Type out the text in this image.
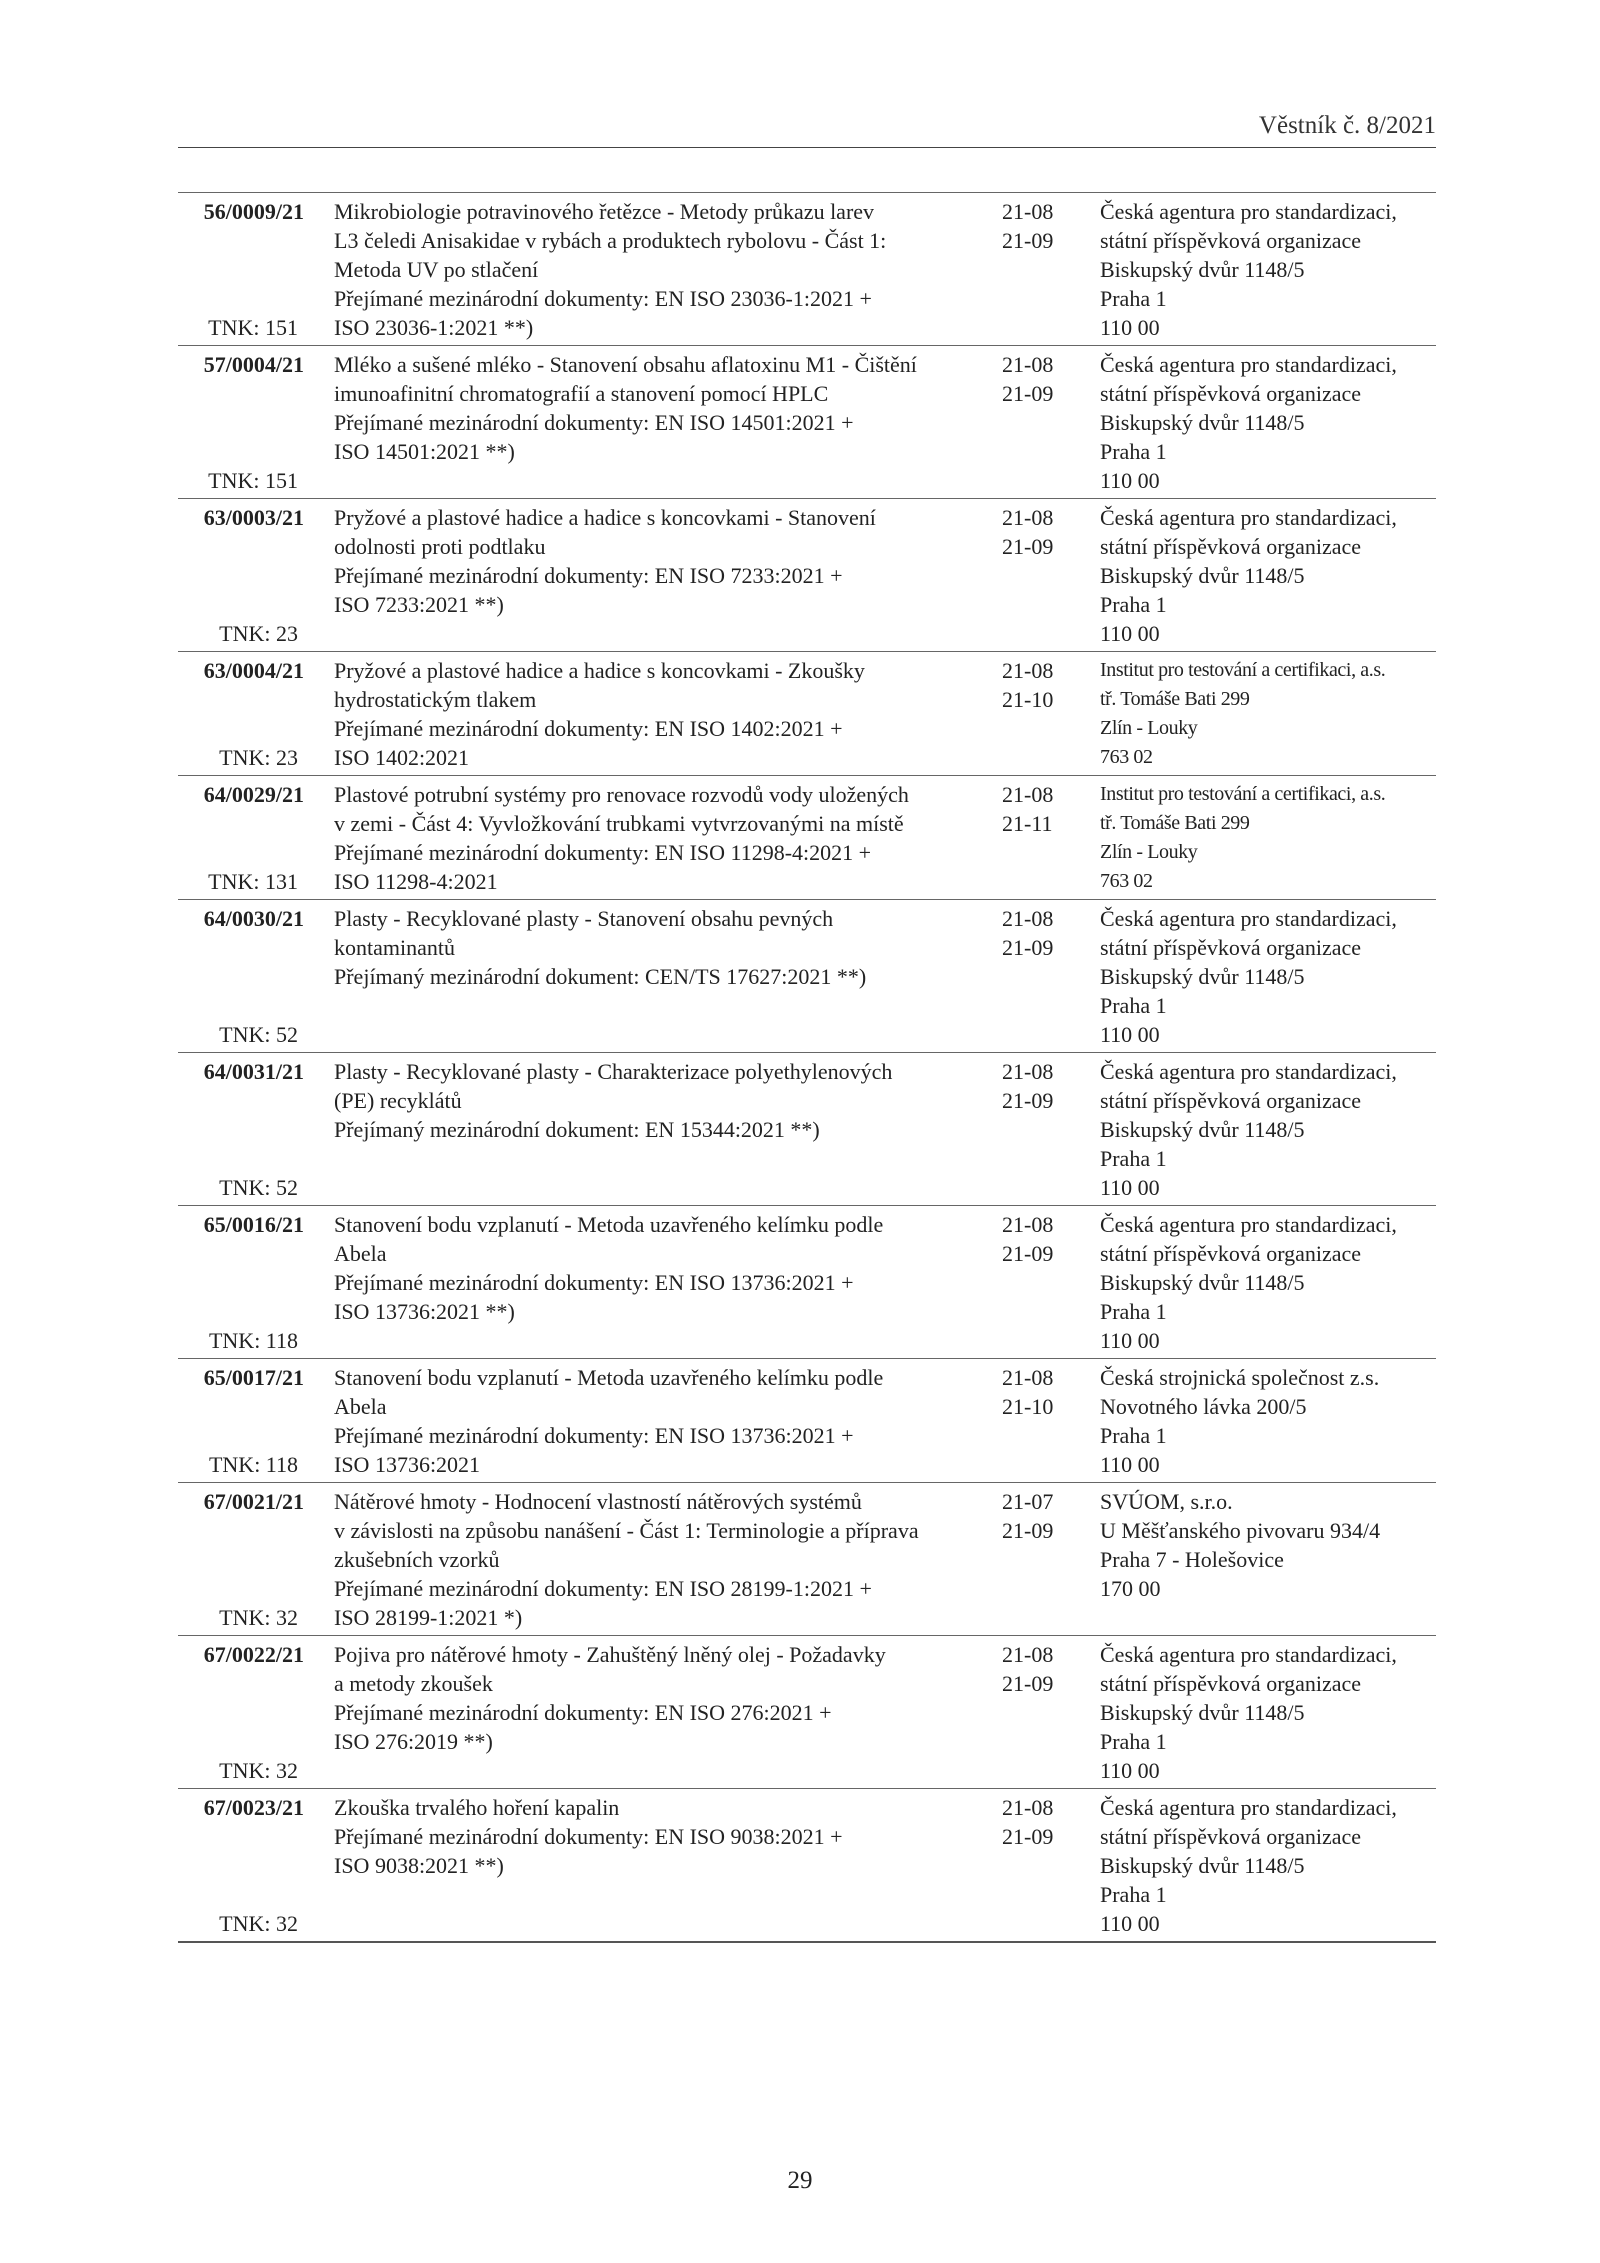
Věstník č. 8/2021
56/0009/21
TNK: 151
Mikrobiologie potravinového řetězce - Metody průkazu larev
L3 čeledi Anisakidae v rybách a produktech rybolovu - Část 1:
Metoda UV po stlačení
Přejímané mezinárodní dokumenty: EN ISO 23036-1:2021 +
ISO 23036-1:2021 **)
21-08
21-09
Česká agentura pro standardizaci,
státní příspěvková organizace
Biskupský dvůr 1148/5
Praha 1
110 00
57/0004/21
TNK: 151
Mléko a sušené mléko - Stanovení obsahu aflatoxinu M1 - Čištění
imunoafinitní chromatografií a stanovení pomocí HPLC
Přejímané mezinárodní dokumenty: EN ISO 14501:2021 +
ISO 14501:2021 **)
21-08
21-09
Česká agentura pro standardizaci,
státní příspěvková organizace
Biskupský dvůr 1148/5
Praha 1
110 00
63/0003/21
TNK: 23
Pryžové a plastové hadice a hadice s koncovkami - Stanovení
odolnosti proti podtlaku
Přejímané mezinárodní dokumenty: EN ISO 7233:2021 +
ISO 7233:2021 **)
21-08
21-09
Česká agentura pro standardizaci,
státní příspěvková organizace
Biskupský dvůr 1148/5
Praha 1
110 00
63/0004/21
TNK: 23
Pryžové a plastové hadice a hadice s koncovkami - Zkoušky
hydrostatickým tlakem
Přejímané mezinárodní dokumenty: EN ISO 1402:2021 +
ISO 1402:2021
21-08
21-10
Institut pro testování a certifikaci, a.s.
tř. Tomáše Bati 299
Zlín - Louky
763 02
64/0029/21
TNK: 131
Plastové potrubní systémy pro renovace rozvodů vody uložených
v zemi - Část 4: Vyvložkování trubkami vytvrzovanými na místě
Přejímané mezinárodní dokumenty: EN ISO 11298-4:2021 +
ISO 11298-4:2021
21-08
21-11
Institut pro testování a certifikaci, a.s.
tř. Tomáše Bati 299
Zlín - Louky
763 02
64/0030/21
TNK: 52
Plasty - Recyklované plasty - Stanovení obsahu pevných
kontaminantů
Přejímaný mezinárodní dokument: CEN/TS 17627:2021 **)
21-08
21-09
Česká agentura pro standardizaci,
státní příspěvková organizace
Biskupský dvůr 1148/5
Praha 1
110 00
64/0031/21
TNK: 52
Plasty - Recyklované plasty - Charakterizace polyethylenových
(PE) recyklátů
Přejímaný mezinárodní dokument: EN 15344:2021 **)
21-08
21-09
Česká agentura pro standardizaci,
státní příspěvková organizace
Biskupský dvůr 1148/5
Praha 1
110 00
65/0016/21
TNK: 118
Stanovení bodu vzplanutí - Metoda uzavřeného kelímku podle
Abela
Přejímané mezinárodní dokumenty: EN ISO 13736:2021 +
ISO 13736:2021 **)
21-08
21-09
Česká agentura pro standardizaci,
státní příspěvková organizace
Biskupský dvůr 1148/5
Praha 1
110 00
65/0017/21
TNK: 118
Stanovení bodu vzplanutí - Metoda uzavřeného kelímku podle
Abela
Přejímané mezinárodní dokumenty: EN ISO 13736:2021 +
ISO 13736:2021
21-08
21-10
Česká strojnická společnost z.s.
Novotného lávka 200/5
Praha 1
110 00
67/0021/21
TNK: 32
Nátěrové hmoty - Hodnocení vlastností nátěrových systémů
v závislosti na způsobu nanášení - Část 1: Terminologie a příprava
zkušebních vzorků
Přejímané mezinárodní dokumenty: EN ISO 28199-1:2021 +
ISO 28199-1:2021 *)
21-07
21-09
SVÚOM, s.r.o.
U Měšťanského pivovaru 934/4
Praha 7 - Holešovice
170 00
67/0022/21
TNK: 32
Pojiva pro nátěrové hmoty - Zahuštěný lněný olej - Požadavky
a metody zkoušek
Přejímané mezinárodní dokumenty: EN ISO 276:2021 +
ISO 276:2019 **)
21-08
21-09
Česká agentura pro standardizaci,
státní příspěvková organizace
Biskupský dvůr 1148/5
Praha 1
110 00
67/0023/21
TNK: 32
Zkouška trvalého hoření kapalin
Přejímané mezinárodní dokumenty: EN ISO 9038:2021 +
ISO 9038:2021 **)
21-08
21-09
Česká agentura pro standardizaci,
státní příspěvková organizace
Biskupský dvůr 1148/5
Praha 1
110 00
29
